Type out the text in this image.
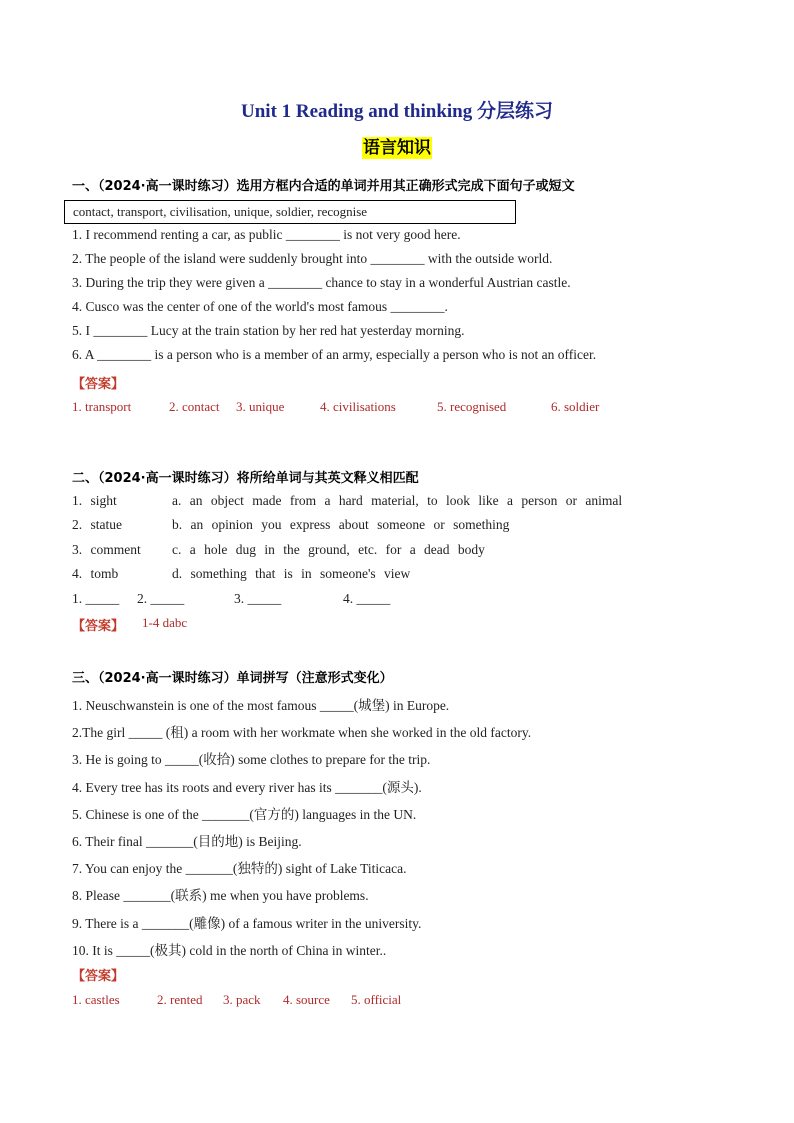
Unit 1 Reading and thinking 分层练习
语言知识
一、（2024·高一课时练习）选用方框内合适的单词并用其正确形式完成下面句子或短文
contact, transport, civilisation, unique, soldier, recognise
1. I recommend renting a car, as public ________ is not very good here.
2. The people of the island were suddenly brought into ________ with the outside world.
3. During the trip they were given a ________ chance to stay in a wonderful Austrian castle.
4. Cusco was the center of one of the world's most famous ________.
5. I ________ Lucy at the train station by her red hat yesterday morning.
6. A ________ is a person who is a member of an army, especially a person who is not an officer.
【答案】
1. transport	2. contact 3. unique	4. civilisations	5. recognised	6. soldier
二、（2024·高一课时练习）将所给单词与其英文释义相匹配
1. sight	a. an object made from a hard material, to look like a person or animal
2. statue	b. an opinion you express about someone or something
3. comment c. a hole dug in the ground, etc. for a dead body
4. tomb	d. something that is in someone's view
1. _____ 2. _____	3. _____	4. _____
【答案】 1-4 dabc
三、（2024·高一课时练习）单词拼写（注意形式变化）
1. Neuschwanstein is one of the most famous _____(城堡) in Europe.
2.The girl _____ (租) a room with her workmate when she worked in the old factory.
3. He is going to _____(收拾) some clothes to prepare for the trip.
4. Every tree has its roots and every river has its _______(源头).
5. Chinese is one of the _______(官方的) languages in the UN.
6. Their final _______(目的地) is Beijing.
7. You can enjoy the _______(独特的) sight of Lake Titicaca.
8. Please _______(联系) me when you have problems.
9. There is a _______(雕像) of a famous writer in the university.
10. It is _____(极其) cold in the north of China in winter..
【答案】
1. castles	2. rented 3. pack 4. source 5. official
